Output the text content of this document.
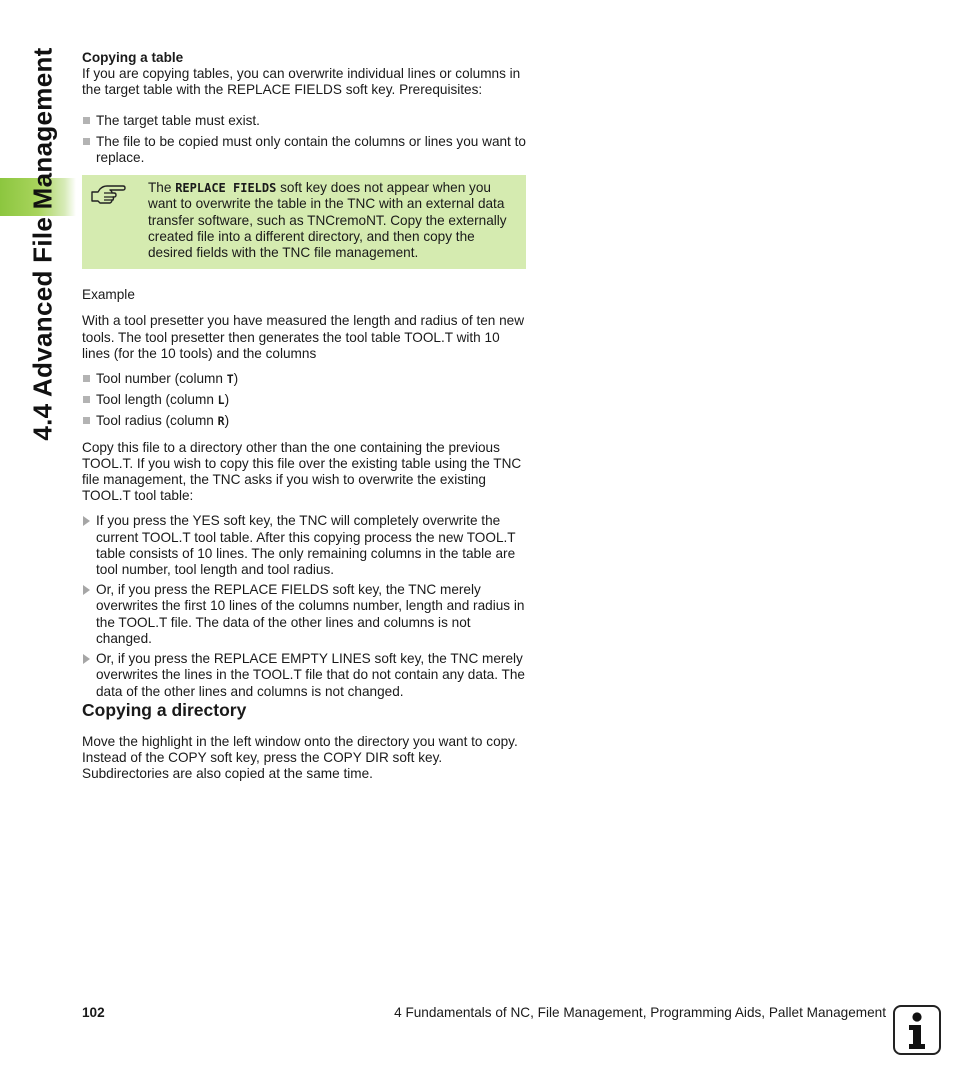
4.4 Advanced File Management Copying a table

If you are copying tables, you can overwrite individual lines or columns in the target table with the REPLACE FIELDS soft key. Prerequisites:

The target table must exist.
The file to be copied must only contain the columns or lines you want to replace.
The REPLACE FIELDS soft key does not appear when you want to overwrite the table in the TNC with an external data transfer software, such as TNCremoNT. Copy the externally created file into a different directory, and then copy the desired fields with the TNC file management.

Example

With a tool presetter you have measured the length and radius of ten new tools. The tool presetter then generates the tool table TOOL.T with 10 lines (for the 10 tools) and the columns

Tool number (column T)
Tool length (column L)
Tool radius (column R)

Copy this file to a directory other than the one containing the previous TOOL.T. If you wish to copy this file over the existing table using the TNC file management, the TNC asks if you wish to overwrite the existing TOOL.T tool table:

If you press the YES soft key, the TNC will completely overwrite the current TOOL.T tool table. After this copying process the new TOOL.T table consists of 10 lines. The only remaining columns in the table are tool number, tool length and tool radius.
Or, if you press the REPLACE FIELDS soft key, the TNC merely overwrites the first 10 lines of the columns number, length and radius in the TOOL.T file. The data of the other lines and columns is not changed.
Or, if you press the REPLACE EMPTY LINES soft key, the TNC merely overwrites the lines in the TOOL.T file that do not contain any data. The data of the other lines and columns is not changed.

Copying a directory

Move the highlight in the left window onto the directory you want to copy. Instead of the COPY soft key, press the COPY DIR soft key. Subdirectories are also copied at the same time.

102	4 Fundamentals of NC, File Management, Programming Aids, Pallet Management
